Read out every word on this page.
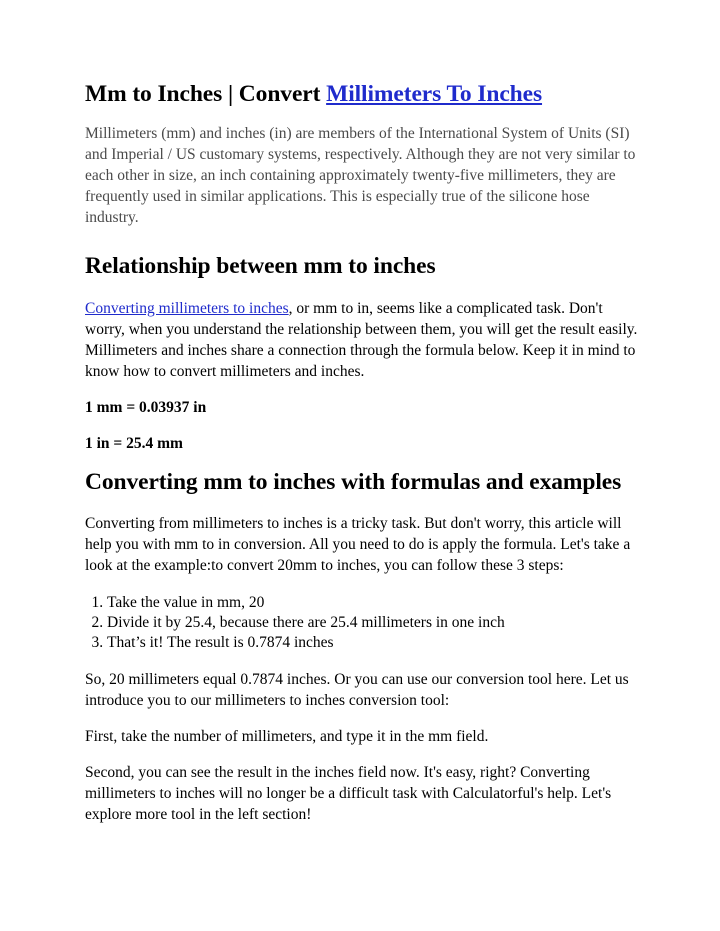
Mm to Inches | Convert Millimeters To Inches

Millimeters (mm) and inches (in) are members of the International System of Units (SI) and Imperial / US customary systems, respectively. Although they are not very similar to each other in size, an inch containing approximately twenty-five millimeters, they are frequently used in similar applications. This is especially true of the silicone hose industry.

Relationship between mm to inches

Converting millimeters to inches, or mm to in, seems like a complicated task. Don't worry, when you understand the relationship between them, you will get the result easily. Millimeters and inches share a connection through the formula below. Keep it in mind to know how to convert millimeters and inches.

1 mm = 0.03937 in

1 in = 25.4 mm

Converting mm to inches with formulas and examples

Converting from millimeters to inches is a tricky task. But don't worry, this article will help you with mm to in conversion. All you need to do is apply the formula. Let's take a look at the example:to convert 20mm to inches, you can follow these 3 steps:

1. Take the value in mm, 20
2. Divide it by 25.4, because there are 25.4 millimeters in one inch
3. That’s it! The result is 0.7874 inches

So, 20 millimeters equal 0.7874 inches. Or you can use our conversion tool here. Let us introduce you to our millimeters to inches conversion tool:

First, take the number of millimeters, and type it in the mm field.

Second, you can see the result in the inches field now. It's easy, right? Converting millimeters to inches will no longer be a difficult task with Calculatorful's help. Let's explore more tool in the left section!
